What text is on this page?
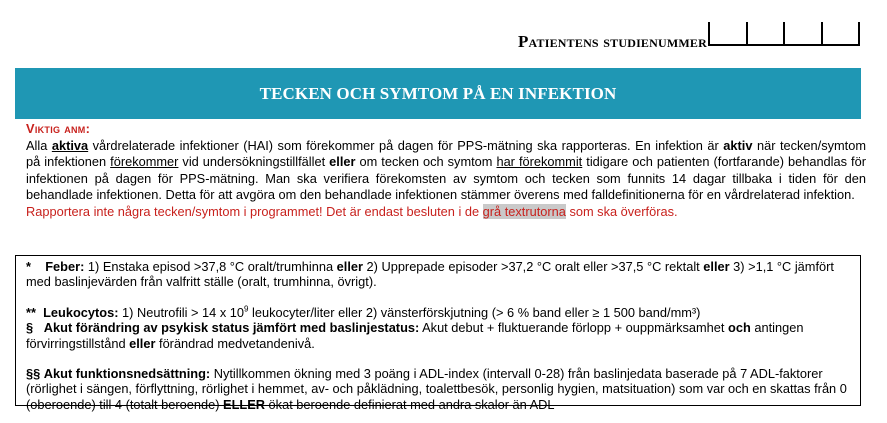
Patientens studienummer
TECKEN OCH SYMTOM PÅ EN INFEKTION
Viktig anm:
Alla aktiva vårdrelaterade infektioner (HAI) som förekommer på dagen för PPS-mätning ska rapporteras. En infektion är aktiv när tecken/symtom på infektionen förekommer vid undersökningstillfället eller om tecken och symtom har förekommit tidigare och patienten (fortfarande) behandlas för infektionen på dagen för PPS-mätning. Man ska verifiera förekomsten av symtom och tecken som funnits 14 dagar tillbaka i tiden för den behandlade infektionen. Detta för att avgöra om den behandlade infektionen stämmer överens med falldefinitionerna för en vårdrelaterad infektion.
Rapportera inte några tecken/symtom i programmet! Det är endast besluten i de grå textrutorna som ska överföras.

* Feber: 1) Enstaka episod >37,8 °C oralt/trumhinna eller 2) Upprepade episoder >37,2 °C oralt eller >37,5 °C rektalt eller 3) >1,1 °C jämfört med baslinjevärden från valfritt ställe (oralt, trumhinna, övrigt).

** Leukocytos: 1) Neutrofili > 14 x $10^9$ leukocyter/liter eller 2) vänsterförskjutning (> 6 % band eller ≥ 1 500 band/mm³)

§ Akut förändring av psykisk status jämfört med baslinjestatus: Akut debut + fluktuerande förlopp + ouppmärksamhet och antingen förvirringstillstånd eller förändrad medvetandenivå.

§§ Akut funktionsnedsättning: Nytillkommen ökning med 3 poäng i ADL-index (intervall 0-28) från baslinjedata baserade på 7 ADL-faktorer (rörlighet i sängen, förflyttning, rörlighet i hemmet, av- och påklädning, toalettbesök, personlig hygien, matsituation) som var och en skattas från 0 (oberoende) till 4 (totalt beroende) ELLER ökat beroende definierat med andra skalor än ADL
